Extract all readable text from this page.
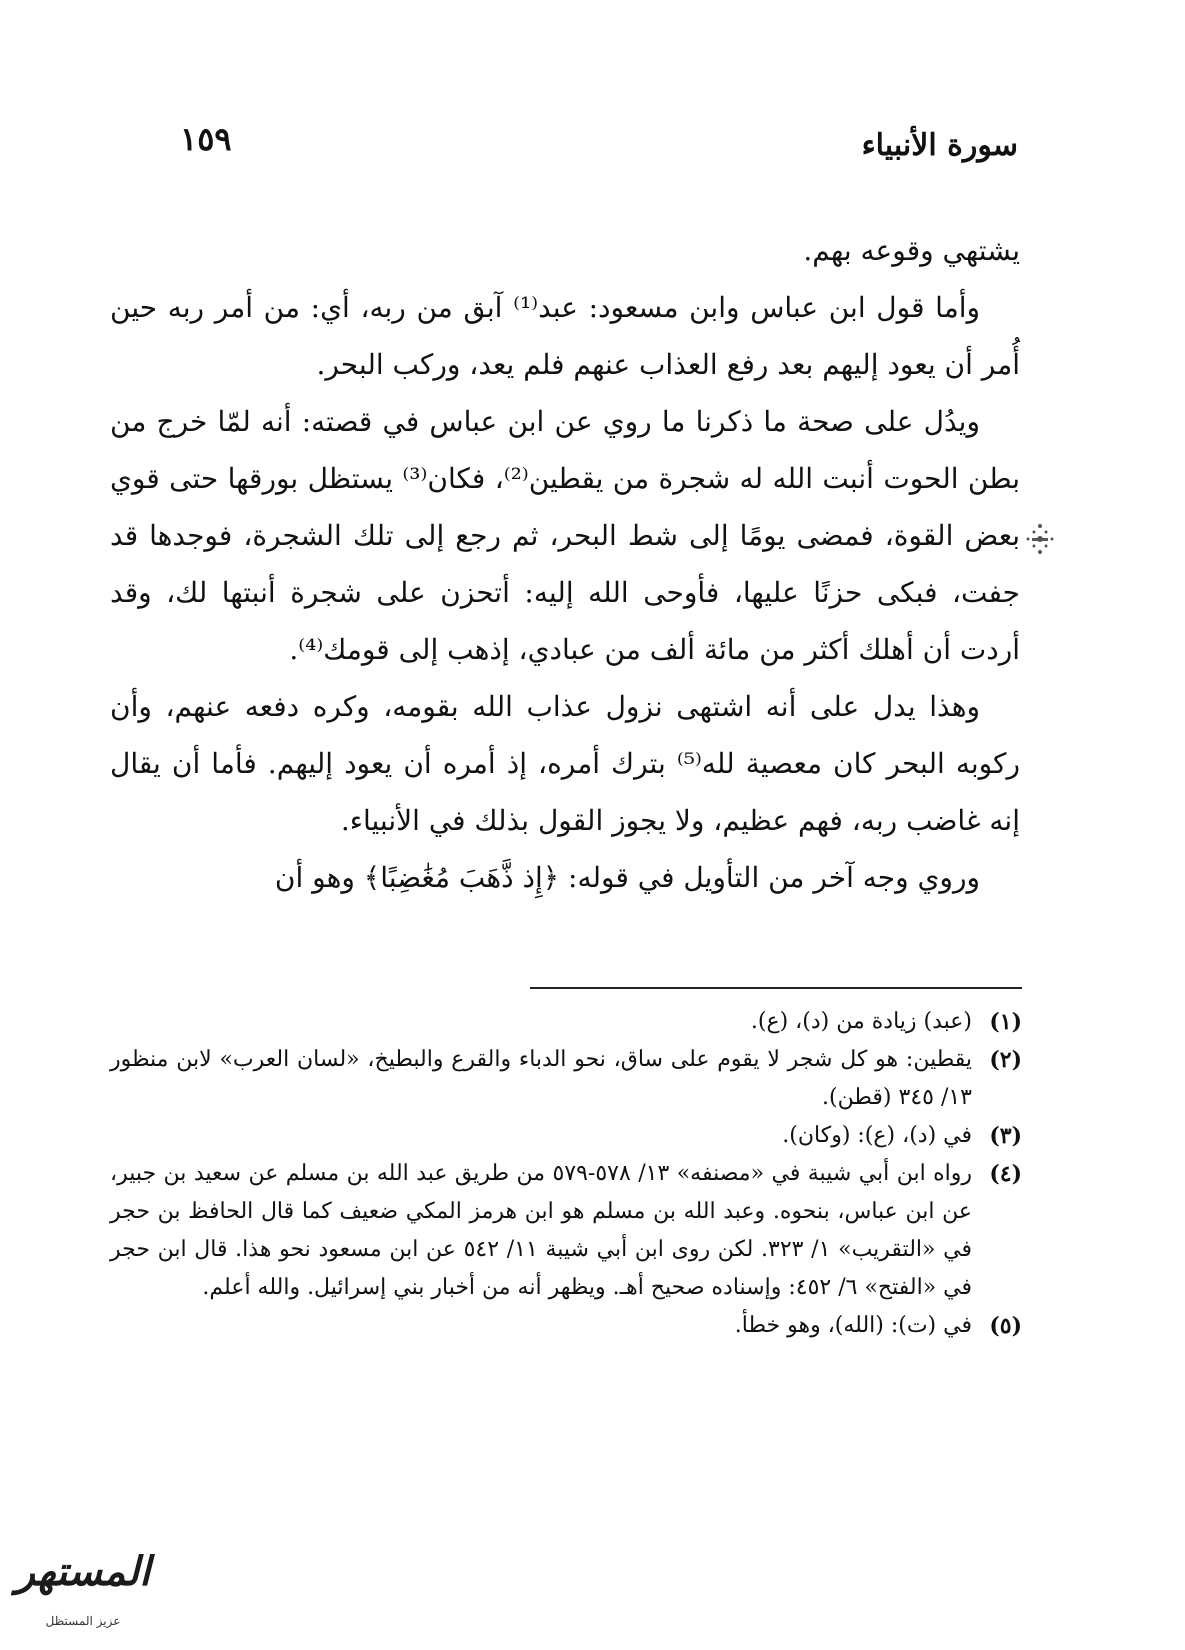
سورة الأنبياء
١٥٩

يشتهي وقوعه بهم.

وأما قول ابن عباس وابن مسعود: عبد⁽¹⁾ آبق من ربه، أي: من أمر ربه حين أُمر أن يعود إليهم بعد رفع العذاب عنهم فلم يعد، وركب البحر.

ويدُل على صحة ما ذكرنا ما روي عن ابن عباس في قصته: أنه لمّا خرج من بطن الحوت أنبت الله له شجرة من يقطين⁽²⁾، فكان⁽³⁾ يستظل بورقها حتى قوي بعض القوة، فمضى يومًا إلى شط البحر، ثم رجع إلى تلك الشجرة، فوجدها قد جفت، فبكى حزنًا عليها، فأوحى الله إليه: أتحزن على شجرة أنبتها لك، وقد أردت أن أهلك أكثر من مائة ألف من عبادي، إذهب إلى قومك⁽⁴⁾.

وهذا يدل على أنه اشتهى نزول عذاب الله بقومه، وكره دفعه عنهم، وأن ركوبه البحر كان معصية لله⁽⁵⁾ بترك أمره، إذ أمره أن يعود إليهم. فأما أن يقال إنه غاضب ربه، فهم عظيم، ولا يجوز القول بذلك في الأنبياء.

وروي وجه آخر من التأويل في قوله: ﴿إِذ ذَّهَبَ مُغَٰضِبًا﴾ وهو أن

(١)
(عبد) زيادة من (د)، (ع).

(٢)
يقطين: هو كل شجر لا يقوم على ساق، نحو الدباء والقرع والبطيخ، «لسان العرب» لابن منظور ١٣/ ٣٤٥ (قطن).

(٣)
في (د)، (ع): (وكان).

(٤)
رواه ابن أبي شيبة في «مصنفه» ١٣/ ٥٧٨-٥٧٩ من طريق عبد الله بن مسلم عن سعيد بن جبير، عن ابن عباس، بنحوه. وعبد الله بن مسلم هو ابن هرمز المكي ضعيف كما قال الحافظ بن حجر في «التقريب» ١/ ٣٢٣. لكن روى ابن أبي شيبة ١١/ ٥٤٢ عن ابن مسعود نحو هذا. قال ابن حجر في «الفتح» ٦/ ٤٥٢: وإسناده صحيح أهـ. ويظهر أنه من أخبار بني إسرائيل. والله أعلم.

(٥)
في (ت): (الله)، وهو خطأ.

المستهر
عزيز المستظل
